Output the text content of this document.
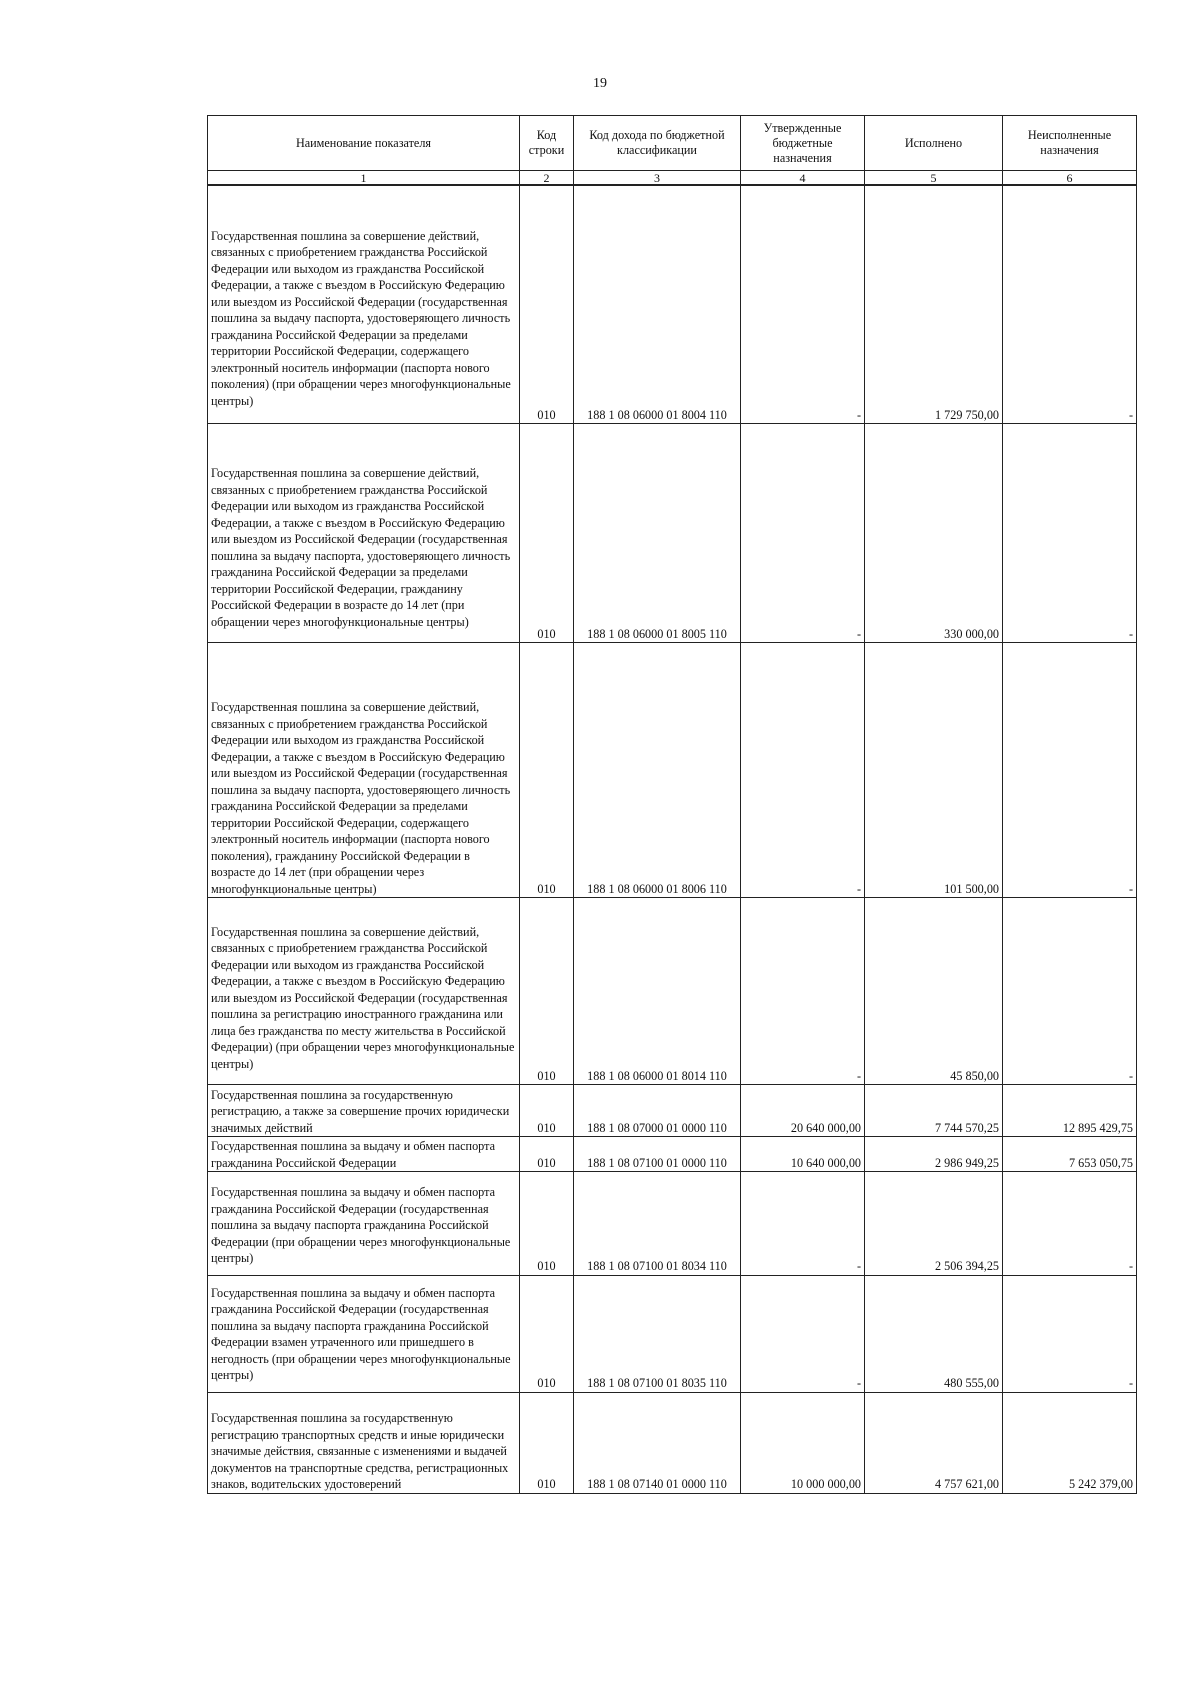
19
Наименование показателя	Код строки	Код дохода по бюджетной классификации	Утвержденные бюджетные назначения	Исполнено	Неисполненные назначения
1	2	3	4	5	6

Государственная пошлина за совершение действий, связанных с приобретением гражданства Российской Федерации или выходом из гражданства Российской Федерации, а также с въездом в Российскую Федерацию или выездом из Российской Федерации (государственная пошлина за выдачу паспорта, удостоверяющего личность гражданина Российской Федерации за пределами территории Российской Федерации, содержащего электронный носитель информации (паспорта нового поколения) (при обращении через многофункциональные центры)	010	188 1 08 06000 01 8004 110	-	1 729 750,00	-

Государственная пошлина за совершение действий, связанных с приобретением гражданства Российской Федерации или выходом из гражданства Российской Федерации, а также с въездом в Российскую Федерацию или выездом из Российской Федерации (государственная пошлина за выдачу паспорта, удостоверяющего личность гражданина Российской Федерации за пределами территории Российской Федерации, гражданину Российской Федерации в возрасте до 14 лет (при обращении через многофункциональные центры)	010	188 1 08 06000 01 8005 110	-	330 000,00	-

Государственная пошлина за совершение действий, связанных с приобретением гражданства Российской Федерации или выходом из гражданства Российской Федерации, а также с въездом в Российскую Федерацию или выездом из Российской Федерации (государственная пошлина за выдачу паспорта, удостоверяющего личность гражданина Российской Федерации за пределами территории Российской Федерации, содержащего электронный носитель информации (паспорта нового поколения), гражданину Российской Федерации в возрасте до 14 лет (при обращении через многофункциональные центры)	010	188 1 08 06000 01 8006 110	-	101 500,00	-

Государственная пошлина за совершение действий, связанных с приобретением гражданства Российской Федерации или выходом из гражданства Российской Федерации, а также с въездом в Российскую Федерацию или выездом из Российской Федерации (государственная пошлина за регистрацию иностранного гражданина или лица без гражданства по месту жительства в Российской Федерации) (при обращении через многофункциональные центры)	010	188 1 08 06000 01 8014 110	-	45 850,00	-
Государственная пошлина за государственную регистрацию, а также за совершение прочих юридически значимых действий	010	188 1 08 07000 01 0000 110	20 640 000,00	7 744 570,25	12 895 429,75
Государственная пошлина за выдачу и обмен паспорта гражданина Российской Федерации	010	188 1 08 07100 01 0000 110	10 640 000,00	2 986 949,25	7 653 050,75

Государственная пошлина за выдачу и обмен паспорта гражданина Российской Федерации (государственная пошлина за выдачу паспорта гражданина Российской Федерации (при обращении через многофункциональные центры)	010	188 1 08 07100 01 8034 110	-	2 506 394,25	-

Государственная пошлина за выдачу и обмен паспорта гражданина Российской Федерации (государственная пошлина за выдачу паспорта гражданина Российской Федерации взамен утраченного или пришедшего в негодность (при обращении через многофункциональные центры)	010	188 1 08 07100 01 8035 110	-	480 555,00	-
Государственная пошлина за государственную регистрацию транспортных средств и иные юридически значимые действия, связанные с изменениями и выдачей документов на транспортные средства, регистрационных знаков, водительских удостоверений	010	188 1 08 07140 01 0000 110	10 000 000,00	4 757 621,00	5 242 379,00
